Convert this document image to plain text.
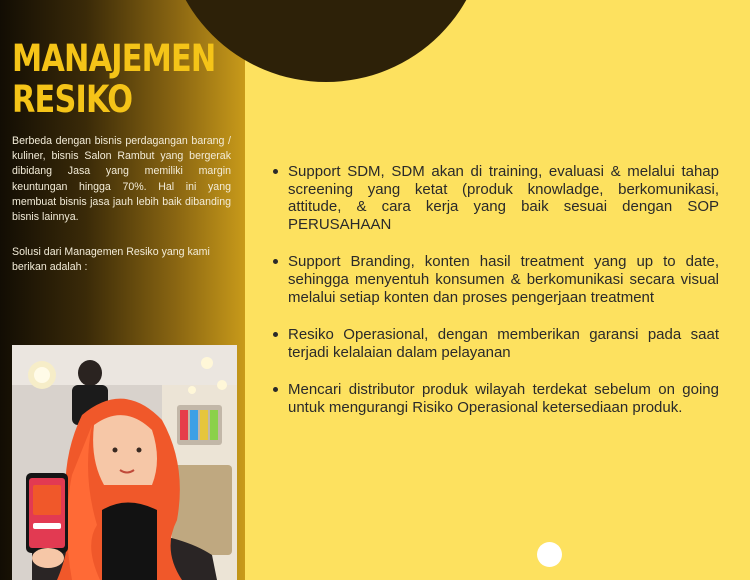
MANAJEMEN
RESIKO

Berbeda dengan bisnis perdagangan barang / kuliner, bisnis Salon Rambut yang bergerak dibidang Jasa yang memiliki margin keuntungan hingga 70%. Hal ini yang membuat bisnis jasa jauh lebih baik dibanding bisnis lainnya.

Solusi dari Managemen Resiko yang kami berikan adalah :

Support SDM, SDM akan di training, evaluasi & melalui tahap screening yang ketat (produk knowladge, berkomunikasi, attitude, & cara kerja yang baik sesuai dengan SOP PERUSAHAAN
Support Branding, konten hasil treatment yang up to date, sehingga menyentuh konsumen & berkomunikasi secara visual melalui setiap konten dan proses pengerjaan treatment
Resiko Operasional, dengan memberikan garansi pada saat terjadi kelalaian dalam pelayanan
Mencari distributor produk wilayah terdekat sebelum on going untuk mengurangi Risiko Operasional ketersediaan produk.
